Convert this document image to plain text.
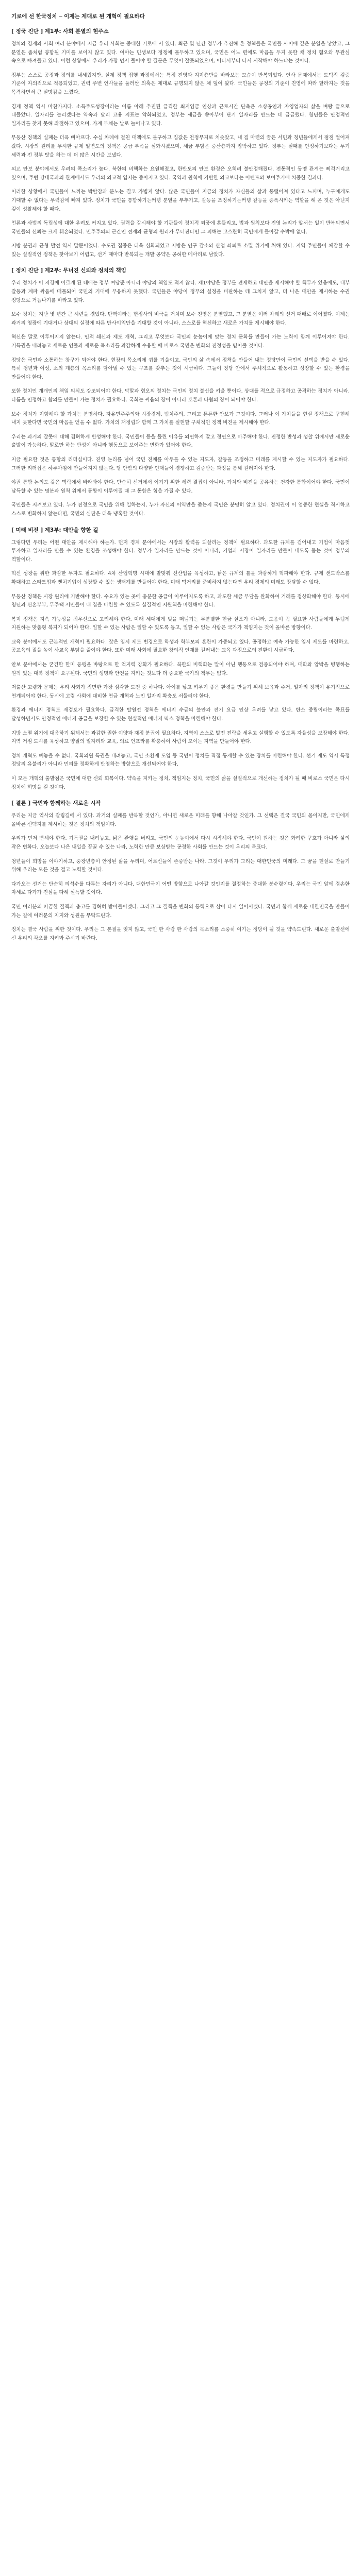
기로에 선 한국정치 ─ 이제는 제대로 된 개혁이 필요하다
[ 정국 진단 ] 제1부: 사회 분열의 현주소

정치와 경제와 사회 여러 분야에서 지금 우리 사회는 중대한 기로에 서 있다. 최근 몇 년간 정부가 추진해 온 정책들은 국민들 사이에 깊은 분열을 낳았고, 그 분열은 좀처럼 봉합될 기미를 보이지 않고 있다. 여야는 민생보다 정쟁에 몰두하고 있으며, 국민은 어느 편에도 마음을 두지 못한 채 정치 혐오와 무관심 속으로 빠져들고 있다. 이런 상황에서 우리가 가장 먼저 물어야 할 질문은 무엇이 잘못되었으며, 어디서부터 다시 시작해야 하느냐는 것이다.

정부는 스스로 공정과 정의를 내세웠지만, 실제 정책 집행 과정에서는 특정 진영과 지지층만을 바라보는 모습이 반복되었다. 인사 문제에서는 도덕적 검증 기준이 자의적으로 적용되었고, 권력 주변 인사들을 둘러싼 의혹은 제대로 규명되지 않은 채 덮여 왔다. 국민들은 공정의 기준이 진영에 따라 달라지는 것을 목격하면서 큰 실망감을 느꼈다.

경제 정책 역시 마찬가지다. 소득주도성장이라는 이름 아래 추진된 급격한 최저임금 인상과 근로시간 단축은 소상공인과 자영업자의 삶을 벼랑 끝으로 내몰았다. 일자리를 늘리겠다는 약속과 달리 고용 지표는 악화되었고, 정부는 세금을 쏟아부어 단기 일자리를 만드는 데 급급했다. 청년들은 안정적인 일자리를 찾지 못해 좌절하고 있으며, 가계 부채는 날로 늘어나고 있다.

부동산 정책의 실패는 더욱 뼈아프다. 수십 차례에 걸친 대책에도 불구하고 집값은 천정부지로 치솟았고, 내 집 마련의 꿈은 서민과 청년들에게서 점점 멀어져 갔다. 시장의 원리를 무시한 규제 일변도의 정책은 공급 부족을 심화시켰으며, 세금 부담은 중산층까지 압박하고 있다. 정부는 실패를 인정하기보다는 투기 세력과 전 정부 탓을 하는 데 더 많은 시간을 보냈다.

외교 안보 분야에서도 우려의 목소리가 높다. 북한의 비핵화는 요원해졌고, 한반도의 안보 환경은 오히려 불안정해졌다. 전통적인 동맹 관계는 삐걱거리고 있으며, 주변 강대국과의 관계에서도 우리의 외교적 입지는 좁아지고 있다. 국익과 원칙에 기반한 외교보다는 이벤트와 보여주기에 치중한 결과다.

이러한 상황에서 국민들이 느끼는 박탈감과 분노는 결코 가볍지 않다. 많은 국민들이 지금의 정치가 자신들의 삶과 동떨어져 있다고 느끼며, 누구에게도 기대할 수 없다는 무력감에 빠져 있다. 정치가 국민을 통합하기는커녕 분열을 부추기고, 갈등을 조정하기는커녕 갈등을 증폭시키는 역할을 해 온 것은 아닌지 깊이 성찰해야 할 때다.

언론과 사법의 독립성에 대한 우려도 커지고 있다. 권력을 감시해야 할 기관들이 정치적 외풍에 흔들리고, 법과 원칙보다 진영 논리가 앞서는 일이 반복되면서 국민들의 신뢰는 크게 훼손되었다. 민주주의의 근간인 견제와 균형의 원리가 무너진다면 그 피해는 고스란히 국민에게 돌아갈 수밖에 없다.

지방 분권과 균형 발전 역시 말뿐이었다. 수도권 집중은 더욱 심화되었고 지방은 인구 감소와 산업 쇠퇴로 소멸 위기에 처해 있다. 지역 주민들이 체감할 수 있는 실질적인 정책은 찾아보기 어렵고, 선거 때마다 반복되는 개발 공약은 공허한 메아리로 남았다.

[ 정치 진단 ] 제2부: 무너진 신뢰와 정치의 책임

우리 정치가 이 지경에 이르게 된 데에는 정부 여당뿐 아니라 야당의 책임도 적지 않다. 제1야당은 정부를 견제하고 대안을 제시해야 할 책무가 있음에도, 내부 갈등과 계파 싸움에 매몰되어 국민의 기대에 부응하지 못했다. 국민들은 야당이 정부의 실정을 비판하는 데 그치지 않고, 더 나은 대안을 제시하는 수권 정당으로 거듭나기를 바라고 있다.

보수 정치는 지난 몇 년간 큰 시련을 겪었다. 탄핵이라는 헌정사의 비극을 거치며 보수 진영은 분열했고, 그 분열은 여러 차례의 선거 패배로 이어졌다. 이제는 과거의 영광에 기대거나 상대의 실정에 따른 반사이익만을 기대할 것이 아니라, 스스로를 혁신하고 새로운 가치를 제시해야 한다.

혁신은 말로 이루어지지 않는다. 인적 쇄신과 제도 개혁, 그리고 무엇보다 국민의 눈높이에 맞는 정치 문화를 만들어 가는 노력이 함께 이루어져야 한다. 기득권을 내려놓고 새로운 인물과 새로운 목소리를 과감하게 수용할 때 비로소 국민은 변화의 진정성을 믿어줄 것이다.

정당은 국민과 소통하는 창구가 되어야 한다. 현장의 목소리에 귀를 기울이고, 국민의 삶 속에서 정책을 만들어 내는 정당만이 국민의 선택을 받을 수 있다. 특히 청년과 여성, 소외 계층의 목소리를 담아낼 수 있는 구조를 갖추는 것이 시급하다. 그들이 정당 안에서 주체적으로 활동하고 성장할 수 있는 환경을 만들어야 한다.

또한 정치인 개개인의 책임 의식도 강조되어야 한다. 막말과 혐오의 정치는 국민의 정치 불신을 키울 뿐이다. 상대를 적으로 규정하고 공격하는 정치가 아니라, 다름을 인정하고 합의를 만들어 가는 정치가 필요하다. 국회는 싸움의 장이 아니라 토론과 타협의 장이 되어야 한다.

보수 정치가 지향해야 할 가치는 분명하다. 자유민주주의와 시장경제, 법치주의, 그리고 튼튼한 안보가 그것이다. 그러나 이 가치들을 현실 정책으로 구현해 내지 못한다면 국민의 마음을 얻을 수 없다. 가치의 재정립과 함께 그 가치를 실현할 구체적인 정책 비전을 제시해야 한다.

우리는 과거의 잘못에 대해 겸허하게 반성해야 한다. 국민들이 등을 돌린 이유를 외면하지 말고 정면으로 마주해야 한다. 진정한 반성과 성찰 위에서만 새로운 출발이 가능하다. 말로만 하는 반성이 아니라 행동으로 보여주는 변화가 있어야 한다.

지금 필요한 것은 통합의 리더십이다. 진영 논리를 넘어 국민 전체를 아우를 수 있는 지도자, 갈등을 조정하고 미래를 제시할 수 있는 지도자가 필요하다. 그러한 리더십은 하루아침에 만들어지지 않는다. 당 안팎의 다양한 인재들이 경쟁하고 검증받는 과정을 통해 길러져야 한다.

야권 통합 논의도 같은 맥락에서 바라봐야 한다. 단순히 선거에서 이기기 위한 세력 결집이 아니라, 가치와 비전을 공유하는 건강한 통합이어야 한다. 국민이 납득할 수 있는 명분과 원칙 위에서 통합이 이루어질 때 그 통합은 힘을 가질 수 있다.

국민들은 지켜보고 있다. 누가 진정으로 국민을 위해 일하는지, 누가 자신의 이익만을 좇는지 국민은 분명히 알고 있다. 정치권이 이 엄중한 현실을 직시하고 스스로 변화하지 않는다면, 국민의 심판은 더욱 냉혹할 것이다.

[ 미래 비전 ] 제3부: 대안을 향한 길

그렇다면 우리는 어떤 대안을 제시해야 하는가. 먼저 경제 분야에서는 시장의 활력을 되살리는 정책이 필요하다. 과도한 규제를 걷어내고 기업이 마음껏 투자하고 일자리를 만들 수 있는 환경을 조성해야 한다. 정부가 일자리를 만드는 것이 아니라, 기업과 시장이 일자리를 만들어 내도록 돕는 것이 정부의 역할이다.

혁신 성장을 위한 과감한 투자도 필요하다. 4차 산업혁명 시대에 발맞춰 신산업을 육성하고, 낡은 규제의 틀을 과감하게 혁파해야 한다. 규제 샌드박스를 확대하고 스타트업과 벤처기업이 성장할 수 있는 생태계를 만들어야 한다. 미래 먹거리를 준비하지 않는다면 우리 경제의 미래도 장담할 수 없다.

부동산 정책은 시장 원리에 기반해야 한다. 수요가 있는 곳에 충분한 공급이 이루어지도록 하고, 과도한 세금 부담을 완화하여 거래를 정상화해야 한다. 동시에 청년과 신혼부부, 무주택 서민들이 내 집을 마련할 수 있도록 실질적인 지원책을 마련해야 한다.

복지 정책은 지속 가능성을 최우선으로 고려해야 한다. 미래 세대에게 빚을 떠넘기는 무분별한 현금 살포가 아니라, 도움이 꼭 필요한 사람들에게 두텁게 지원하는 맞춤형 복지가 되어야 한다. 일할 수 있는 사람은 일할 수 있도록 돕고, 일할 수 없는 사람은 국가가 책임지는 것이 올바른 방향이다.

교육 분야에서도 근본적인 개혁이 필요하다. 잦은 입시 제도 변경으로 학생과 학부모의 혼란이 가중되고 있다. 공정하고 예측 가능한 입시 제도를 마련하고, 공교육의 질을 높여 사교육 부담을 줄여야 한다. 또한 미래 사회에 필요한 창의적 인재를 길러내는 교육 과정으로의 전환이 시급하다.

안보 분야에서는 굳건한 한미 동맹을 바탕으로 한 억지력 강화가 필요하다. 북한의 비핵화는 말이 아닌 행동으로 검증되어야 하며, 대화와 압박을 병행하는 원칙 있는 대북 정책이 요구된다. 국민의 생명과 안전을 지키는 것보다 더 중요한 국가의 책무는 없다.

저출산 고령화 문제는 우리 사회가 직면한 가장 심각한 도전 중 하나다. 아이를 낳고 키우기 좋은 환경을 만들기 위해 보육과 주거, 일자리 정책이 유기적으로 연계되어야 한다. 동시에 고령 사회에 대비한 연금 개혁과 노인 일자리 확충도 서둘러야 한다.

환경과 에너지 정책도 재검토가 필요하다. 급격한 탈원전 정책은 에너지 수급의 불안과 전기 요금 인상 우려를 낳고 있다. 탄소 중립이라는 목표를 달성하면서도 안정적인 에너지 공급을 보장할 수 있는 현실적인 에너지 믹스 정책을 마련해야 한다.

지방 소멸 위기에 대응하기 위해서는 과감한 권한 이양과 재정 분권이 필요하다. 지역이 스스로 발전 전략을 세우고 실행할 수 있도록 자율성을 보장해야 한다. 지역 거점 도시를 육성하고 양질의 일자리와 교육, 의료 인프라를 확충하여 사람이 모이는 지역을 만들어야 한다.

정치 개혁도 빼놓을 수 없다. 국회의원 특권을 내려놓고, 국민 소환제 도입 등 국민이 정치를 직접 통제할 수 있는 장치를 마련해야 한다. 선거 제도 역시 특정 정당의 유불리가 아니라 민의를 정확하게 반영하는 방향으로 개선되어야 한다.

이 모든 개혁의 출발점은 국민에 대한 신뢰 회복이다. 약속을 지키는 정치, 책임지는 정치, 국민의 삶을 실질적으로 개선하는 정치가 될 때 비로소 국민은 다시 정치에 희망을 걸 것이다.

[ 결론 ] 국민과 함께하는 새로운 시작

우리는 지금 역사의 갈림길에 서 있다. 과거의 실패를 반복할 것인가, 아니면 새로운 미래를 향해 나아갈 것인가. 그 선택은 결국 국민의 몫이지만, 국민에게 올바른 선택지를 제시하는 것은 정치의 책임이다.

우리가 먼저 변해야 한다. 기득권을 내려놓고, 낡은 관행을 버리고, 국민의 눈높이에서 다시 시작해야 한다. 국민이 원하는 것은 화려한 구호가 아니라 삶의 작은 변화다. 오늘보다 나은 내일을 꿈꿀 수 있는 나라, 노력한 만큼 보상받는 공정한 사회를 만드는 것이 우리의 목표다.

청년들이 희망을 이야기하고, 중장년층이 안정된 삶을 누리며, 어르신들이 존중받는 나라. 그것이 우리가 그리는 대한민국의 미래다. 그 꿈을 현실로 만들기 위해 우리는 모든 것을 걸고 노력할 것이다.

다가오는 선거는 단순히 의석수를 다투는 자리가 아니다. 대한민국이 어떤 방향으로 나아갈 것인지를 결정하는 중대한 분수령이다. 우리는 국민 앞에 겸손한 자세로 다가가 진심을 다해 설득할 것이다.

국민 여러분의 따끔한 질책과 충고를 겸허히 받아들이겠다. 그리고 그 질책을 변화의 동력으로 삼아 다시 일어서겠다. 국민과 함께 새로운 대한민국을 만들어 가는 길에 여러분의 지지와 성원을 부탁드린다.

정치는 결국 사람을 위한 것이다. 우리는 그 본질을 잊지 않고, 국민 한 사람 한 사람의 목소리를 소중히 여기는 정당이 될 것을 약속드린다. 새로운 출발선에 선 우리의 각오를 지켜봐 주시기 바란다.
